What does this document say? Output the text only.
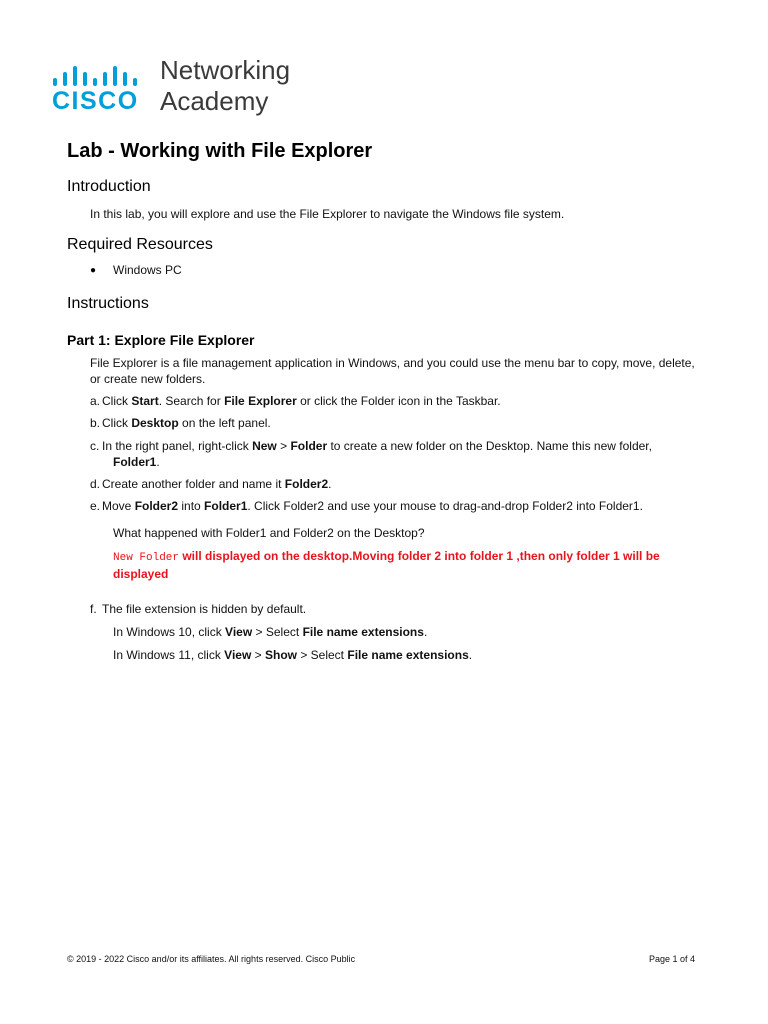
CISCO
Networking
Academy
Lab - Working with File Explorer
Introduction

In this lab, you will explore and use the File Explorer to navigate the Windows file system.

Required Resources
● Windows PC

Instructions
Part 1: Explore File Explorer

File Explorer is a file management application in Windows, and you could use the menu bar to copy, move, delete, or create new folders.

a. Click Start. Search for File Explorer or click the Folder icon in the Taskbar.
b. Click Desktop on the left panel.
c. In the right panel, right-click New > Folder to create a new folder on the Desktop. Name this new folder,
Folder1.
d. Create another folder and name it Folder2.
e. Move Folder2 into Folder1. Click Folder2 and use your mouse to drag-and-drop Folder2 into Folder1.

What happened with Folder1 and Folder2 on the Desktop?

New Folder will displayed on the desktop.Moving folder 2 into folder 1 ,then only folder 1 will be displayed
f. The file extension is hidden by default.
In Windows 10, click View > Select File name extensions.
In Windows 11, click View > Show > Select File name extensions.
© 2019 - 2022 Cisco and/or its affiliates. All rights reserved. Cisco Public	Page 1 of 4
